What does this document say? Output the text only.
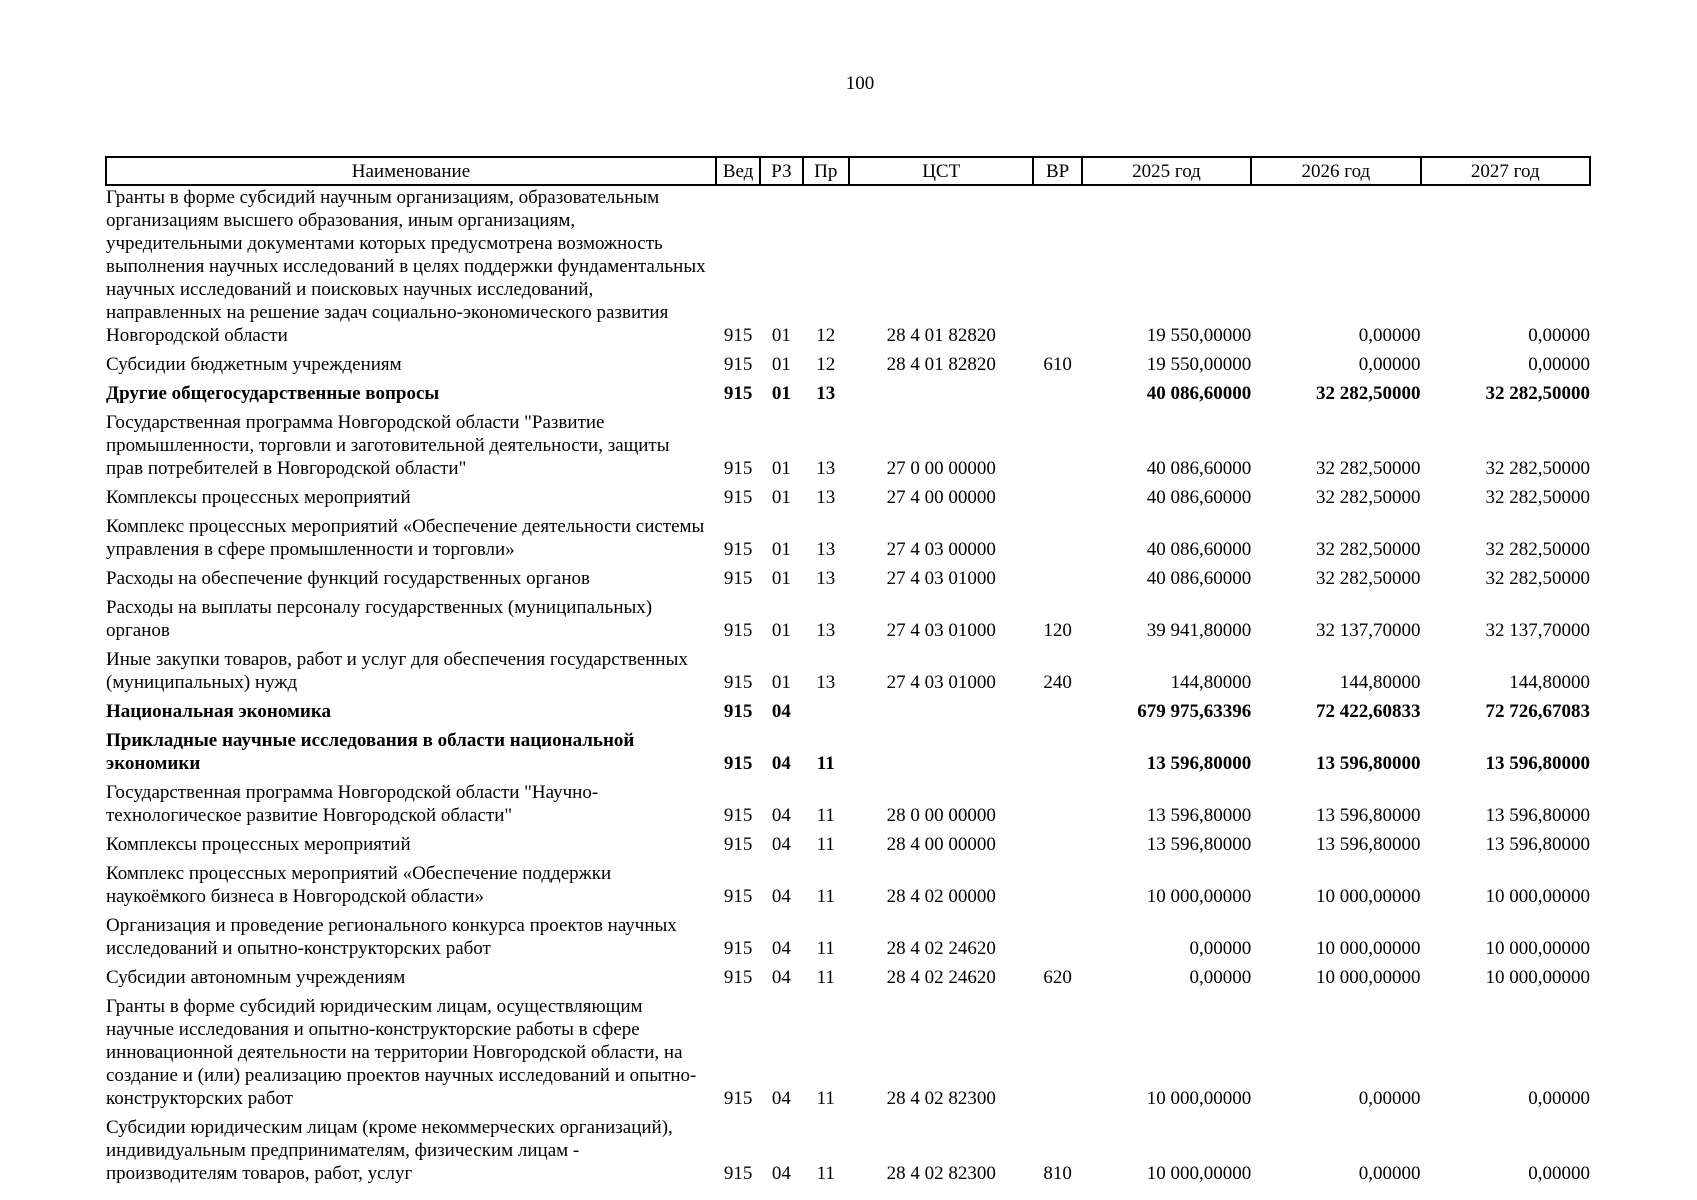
100
Наименование	Вед	РЗ	Пр	ЦСТ	ВР	2025 год	2026 год	2027 год
Гранты в форме субсидий научным организациям, образовательным организациям высшего образования, иным организациям, учредительными документами которых предусмотрена возможность выполнения научных исследований в целях поддержки фундаментальных научных исследований и поисковых научных исследований, направленных на решение задач социально-экономического развития Новгородской области	915	01	12	28 4 01 82820		19 550,00000	0,00000	0,00000
Субсидии бюджетным учреждениям	915	01	12	28 4 01 82820	610	19 550,00000	0,00000	0,00000
Другие общегосударственные вопросы	915	01	13			40 086,60000	32 282,50000	32 282,50000
Государственная программа Новгородской области "Развитие промышленности, торговли и заготовительной деятельности, защиты прав потребителей в Новгородской области"	915	01	13	27 0 00 00000		40 086,60000	32 282,50000	32 282,50000
Комплексы процессных мероприятий	915	01	13	27 4 00 00000		40 086,60000	32 282,50000	32 282,50000
Комплекс процессных мероприятий «Обеспечение деятельности системы управления в сфере промышленности и торговли»	915	01	13	27 4 03 00000		40 086,60000	32 282,50000	32 282,50000
Расходы на обеспечение функций государственных органов	915	01	13	27 4 03 01000		40 086,60000	32 282,50000	32 282,50000
Расходы на выплаты персоналу государственных (муниципальных) органов	915	01	13	27 4 03 01000	120	39 941,80000	32 137,70000	32 137,70000
Иные закупки товаров, работ и услуг для обеспечения государственных (муниципальных) нужд	915	01	13	27 4 03 01000	240	144,80000	144,80000	144,80000
Национальная экономика	915	04				679 975,63396	72 422,60833	72 726,67083
Прикладные научные исследования в области национальной экономики	915	04	11			13 596,80000	13 596,80000	13 596,80000
Государственная программа Новгородской области "Научно-технологическое развитие Новгородской области"	915	04	11	28 0 00 00000		13 596,80000	13 596,80000	13 596,80000
Комплексы процессных мероприятий	915	04	11	28 4 00 00000		13 596,80000	13 596,80000	13 596,80000
Комплекс процессных мероприятий «Обеспечение поддержки наукоёмкого бизнеса в Новгородской области»	915	04	11	28 4 02 00000		10 000,00000	10 000,00000	10 000,00000
Организация и проведение регионального конкурса проектов научных исследований и опытно-конструкторских работ	915	04	11	28 4 02 24620		0,00000	10 000,00000	10 000,00000
Субсидии автономным учреждениям	915	04	11	28 4 02 24620	620	0,00000	10 000,00000	10 000,00000
Гранты в форме субсидий юридическим лицам, осуществляющим научные исследования и опытно-конструкторские работы в сфере инновационной деятельности на территории Новгородской области, на создание и (или) реализацию проектов научных исследований и опытно-конструкторских работ	915	04	11	28 4 02 82300		10 000,00000	0,00000	0,00000
Субсидии юридическим лицам (кроме некоммерческих организаций), индивидуальным предпринимателям, физическим лицам - производителям товаров, работ, услуг	915	04	11	28 4 02 82300	810	10 000,00000	0,00000	0,00000
